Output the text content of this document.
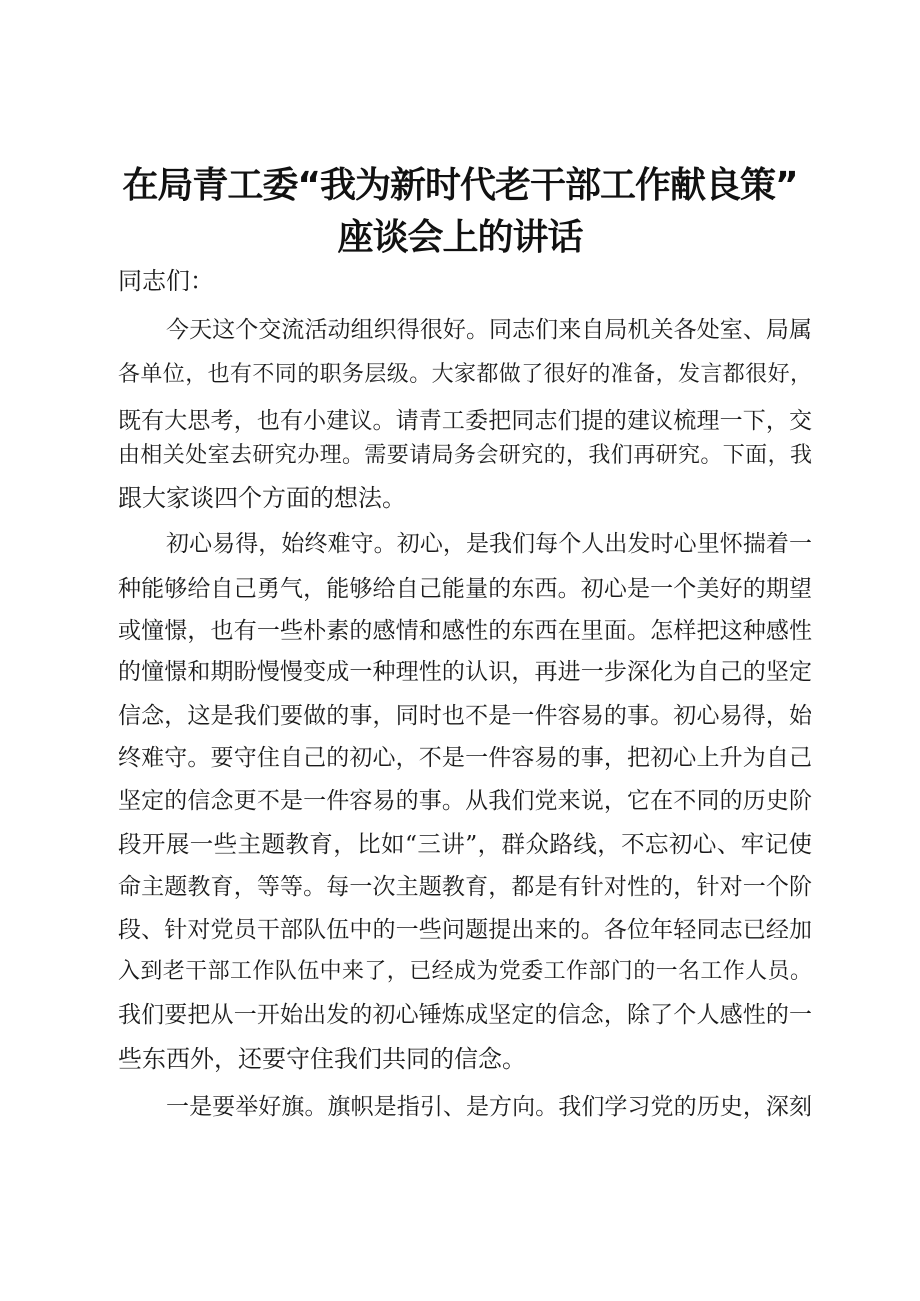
在局青工委“我为新时代老干部工作献良策”
座谈会上的讲话
同志们：
今天这个交流活动组织得很好。同志们来自局机关各处室、局属
各单位，也有不同的职务层级。大家都做了很好的准备，发言都很好，
既有大思考，也有小建议。请青工委把同志们提的建议梳理一下，交
由相关处室去研究办理。需要请局务会研究的，我们再研究。下面，我
跟大家谈四个方面的想法。
初心易得，始终难守。初心，是我们每个人出发时心里怀揣着一
种能够给自己勇气，能够给自己能量的东西。初心是一个美好的期望
或憧憬，也有一些朴素的感情和感性的东西在里面。怎样把这种感性
的憧憬和期盼慢慢变成一种理性的认识，再进一步深化为自己的坚定
信念，这是我们要做的事，同时也不是一件容易的事。初心易得，始
终难守。要守住自己的初心，不是一件容易的事，把初心上升为自己
坚定的信念更不是一件容易的事。从我们党来说，它在不同的历史阶
段开展一些主题教育，比如“三讲”，群众路线，不忘初心、牢记使
命主题教育，等等。每一次主题教育，都是有针对性的，针对一个阶
段、针对党员干部队伍中的一些问题提出来的。各位年轻同志已经加
入到老干部工作队伍中来了，已经成为党委工作部门的一名工作人员。
我们要把从一开始出发的初心锤炼成坚定的信念，除了个人感性的一
些东西外，还要守住我们共同的信念。
一是要举好旗。旗帜是指引、是方向。我们学习党的历史，深刻
